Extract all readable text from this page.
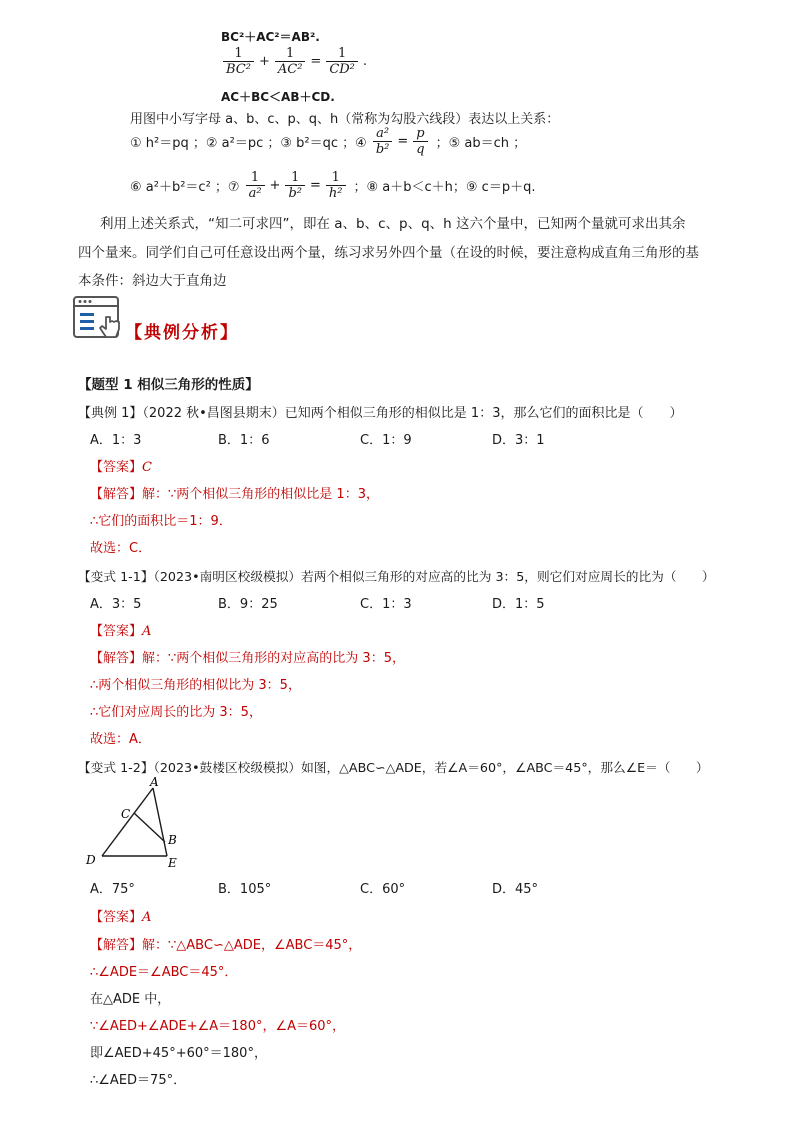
BC²＋AC²＝AB².
$\frac{1}{\text{BC²}} + \frac{1}{\text{AC²}} = \frac{1}{\text{CD²}}$ .
AC＋BC＜AB＋CD.
用图中小写字母 a、b、c、p、q、h（常称为勾股六线段）表达以上关系：
① h²＝pq ；② a²＝pc ；③ b²＝qc ；④ $\frac{\text{a²}}{\text{b²}} = \frac{p}{q}$ ；⑤ ab＝ch ；
⑥ a²＋b²＝c² ；⑦ $\frac{1}{\text{a²}} + \frac{1}{\text{b²}} = \frac{1}{\text{h²}}$ ；⑧ a＋b＜c＋h；⑨ c＝p＋q.
利用上述关系式，“知二可求四”，即在 a、b、c、p、q、h 这六个量中，已知两个量就可求出其余
四个量来。同学们自己可任意设出两个量，练习求另外四个量（在设的时候，要注意构成直角三角形的基
本条件：斜边大于直角边
【典例分析】
【题型 1 相似三角形的性质】
【典例 1】（2022 秋•昌图县期末）已知两个相似三角形的相似比是 1：3，那么它们的面积比是（　　）
A．1：3	B．1：6	C．1：9	D．3：1
【答案】C
【解答】解：∵两个相似三角形的相似比是 1：3，
∴它们的面积比＝1：9．
故选：C．
【变式 1-1】（2023•南明区校级模拟）若两个相似三角形的对应高的比为 3：5，则它们对应周长的比为（　　）
A．3：5	B．9：25	C．1：3	D．1：5
【答案】A
【解答】解：∵两个相似三角形的对应高的比为 3：5，
∴两个相似三角形的相似比为 3：5，
∴它们对应周长的比为 3：5，
故选：A．
【变式 1-2】（2023•鼓楼区校级模拟）如图，△ABC∽△ADE，若∠A＝60°，∠ABC＝45°，那么∠E＝（　　）
A
C
B
D	E
A．75°	B．105°	C．60°	D．45°
【答案】A
【解答】解：∵△ABC∽△ADE，∠ABC＝45°，
∴∠ADE＝∠ABC＝45°．
在△ADE 中，
∵∠AED+∠ADE+∠A＝180°，∠A＝60°，
即∠AED+45°+60°＝180°，
∴∠AED＝75°．
